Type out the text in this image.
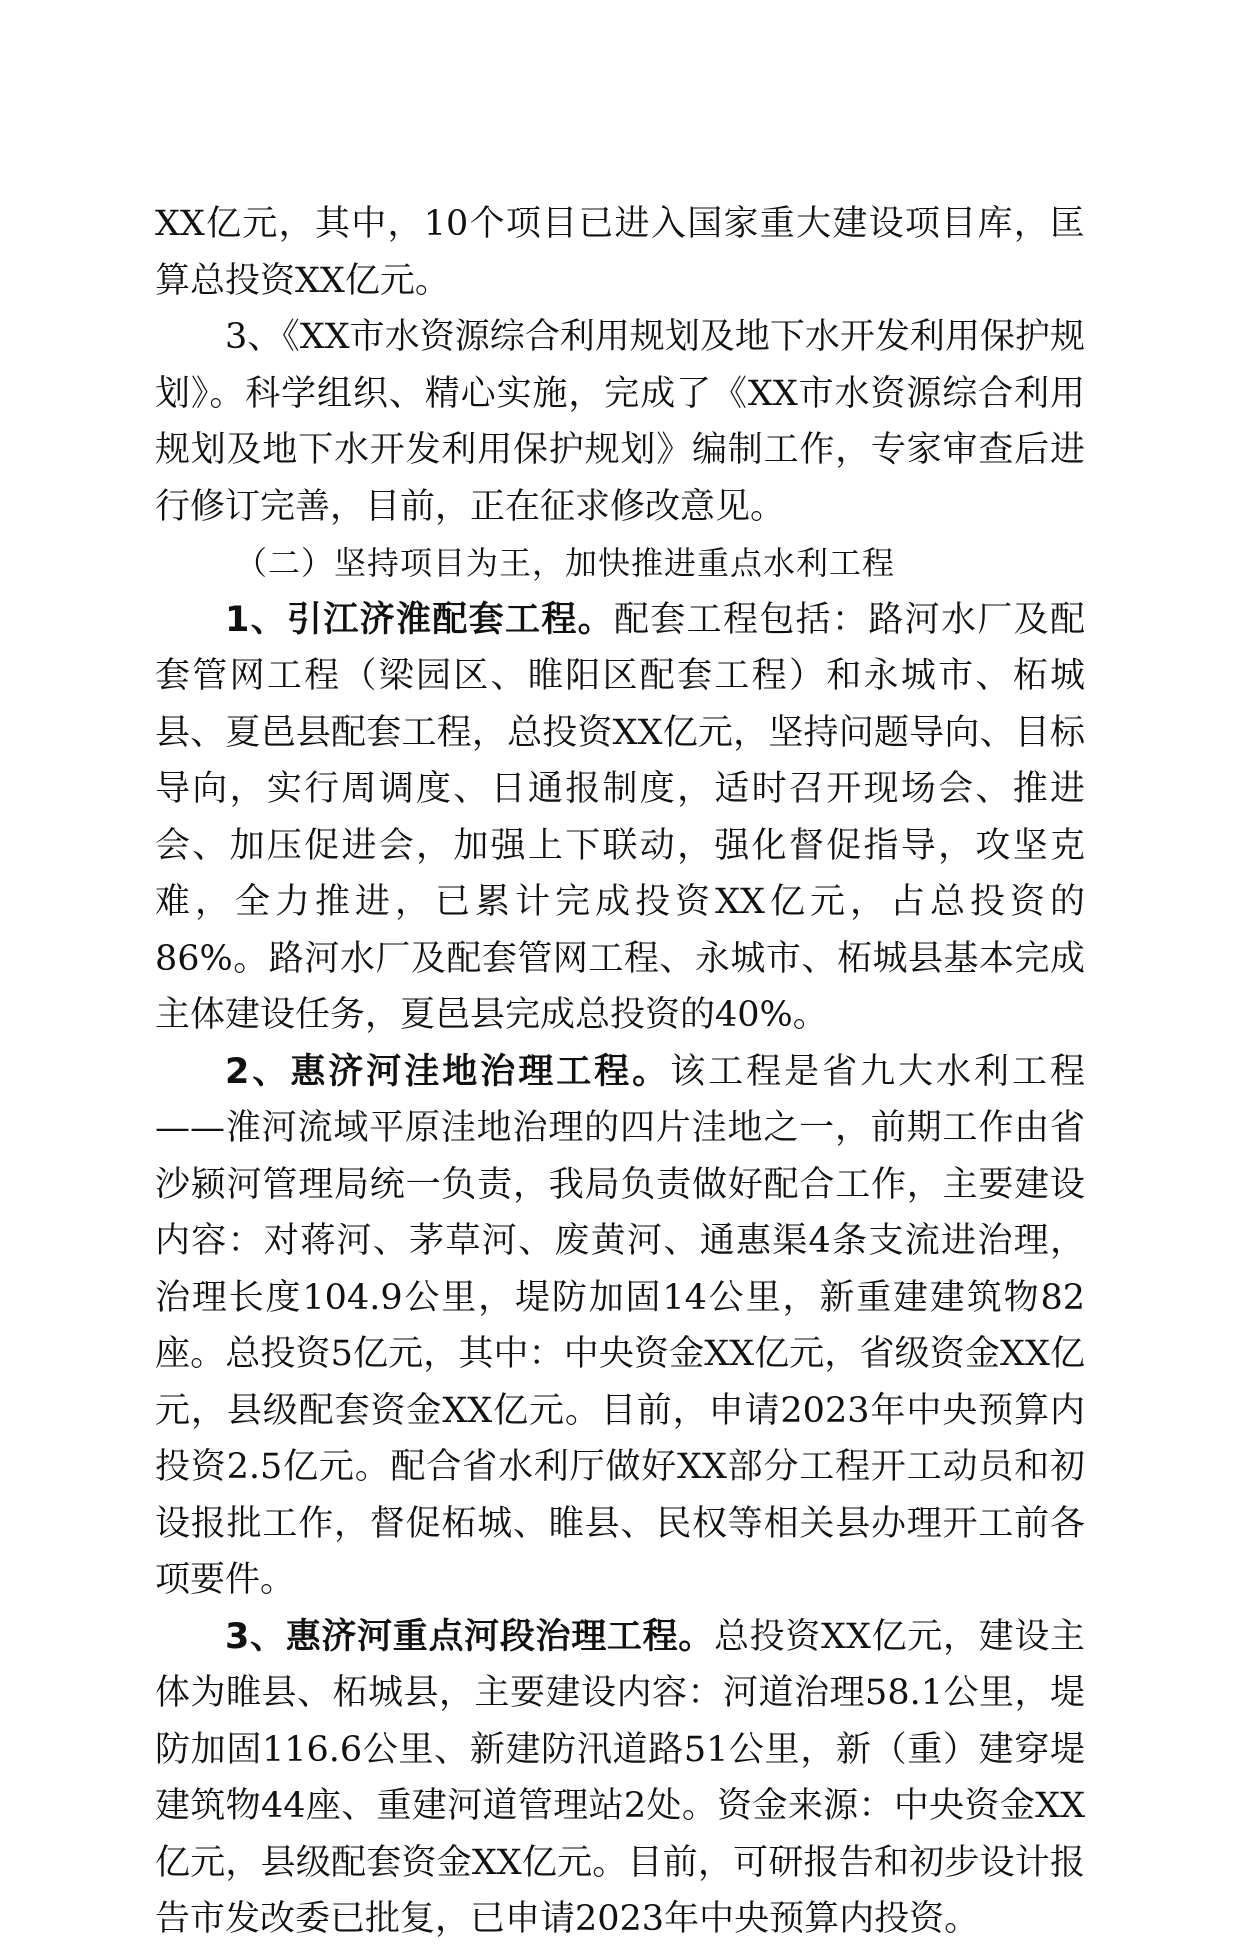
XX亿元，其中，10个项目已进入国家重大建设项目库，匡算总投资XX亿元。

3、《XX市水资源综合利用规划及地下水开发利用保护规划》。科学组织、精心实施，完成了《XX市水资源综合利用规划及地下水开发利用保护规划》编制工作，专家审查后进行修订完善，目前，正在征求修改意见。

（二）坚持项目为王，加快推进重点水利工程

1、引江济淮配套工程。配套工程包括：路河水厂及配套管网工程（梁园区、睢阳区配套工程）和永城市、柘城县、夏邑县配套工程，总投资XX亿元，坚持问题导向、目标导向，实行周调度、日通报制度，适时召开现场会、推进会、加压促进会，加强上下联动，强化督促指导，攻坚克难，全力推进，已累计完成投资XX亿元，占总投资的86%。路河水厂及配套管网工程、永城市、柘城县基本完成主体建设任务，夏邑县完成总投资的40%。

2、惠济河洼地治理工程。该工程是省九大水利工程——淮河流域平原洼地治理的四片洼地之一，前期工作由省沙颍河管理局统一负责，我局负责做好配合工作，主要建设内容：对蒋河、茅草河、废黄河、通惠渠4条支流进治理，治理长度104.9公里，堤防加固14公里，新重建建筑物82座。总投资5亿元，其中：中央资金XX亿元，省级资金XX亿元，县级配套资金XX亿元。目前，申请2023年中央预算内投资2.5亿元。配合省水利厅做好XX部分工程开工动员和初设报批工作，督促柘城、睢县、民权等相关县办理开工前各项要件。

3、惠济河重点河段治理工程。总投资XX亿元，建设主体为睢县、柘城县，主要建设内容：河道治理58.1公里，堤防加固116.6公里、新建防汛道路51公里，新（重）建穿堤建筑物44座、重建河道管理站2处。资金来源：中央资金XX亿元，县级配套资金XX亿元。目前，可研报告和初步设计报告市发改委已批复，已申请2023年中央预算内投资。
